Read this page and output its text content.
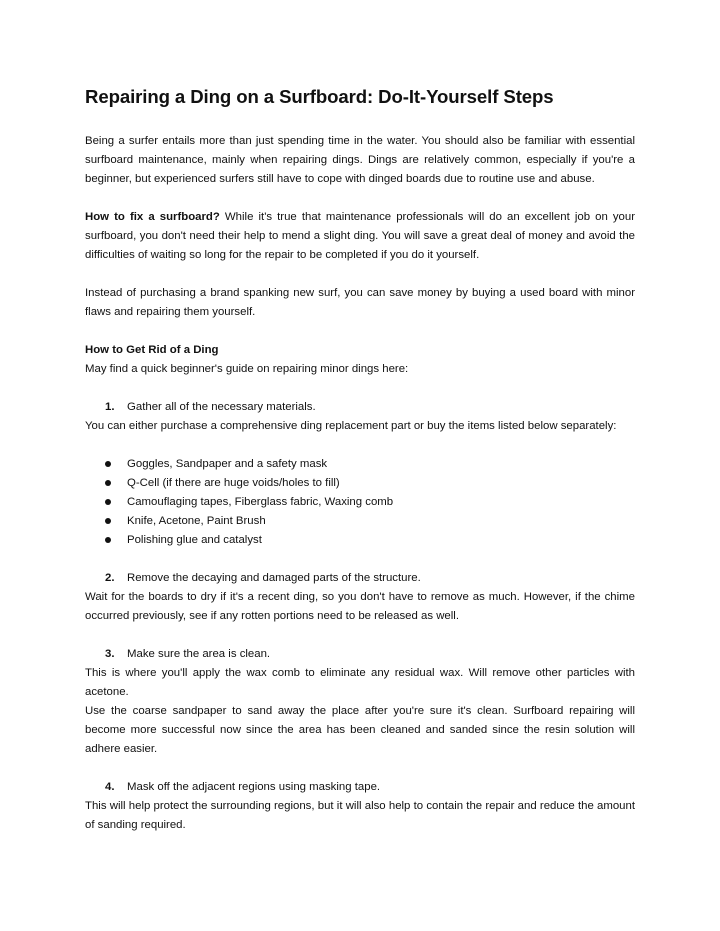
Repairing a Ding on a Surfboard: Do-It-Yourself Steps

Being a surfer entails more than just spending time in the water. You should also be familiar with essential surfboard maintenance, mainly when repairing dings. Dings are relatively common, especially if you're a beginner, but experienced surfers still have to cope with dinged boards due to routine use and abuse.

How to fix a surfboard? While it's true that maintenance professionals will do an excellent job on your surfboard, you don't need their help to mend a slight ding. You will save a great deal of money and avoid the difficulties of waiting so long for the repair to be completed if you do it yourself.

Instead of purchasing a brand spanking new surf, you can save money by buying a used board with minor flaws and repairing them yourself.

How to Get Rid of a Ding

May find a quick beginner's guide on repairing minor dings here:

1. Gather all of the necessary materials.

You can either purchase a comprehensive ding replacement part or buy the items listed below separately:

Goggles, Sandpaper and a safety mask
Q-Cell (if there are huge voids/holes to fill)
Camouflaging tapes, Fiberglass fabric, Waxing comb
Knife, Acetone, Paint Brush
Polishing glue and catalyst

2. Remove the decaying and damaged parts of the structure.

Wait for the boards to dry if it's a recent ding, so you don't have to remove as much. However, if the chime occurred previously, see if any rotten portions need to be released as well.

3. Make sure the area is clean.

This is where you'll apply the wax comb to eliminate any residual wax. Will remove other particles with acetone.

Use the coarse sandpaper to sand away the place after you're sure it's clean. Surfboard repairing will become more successful now since the area has been cleaned and sanded since the resin solution will adhere easier.

4. Mask off the adjacent regions using masking tape.

This will help protect the surrounding regions, but it will also help to contain the repair and reduce the amount of sanding required.
